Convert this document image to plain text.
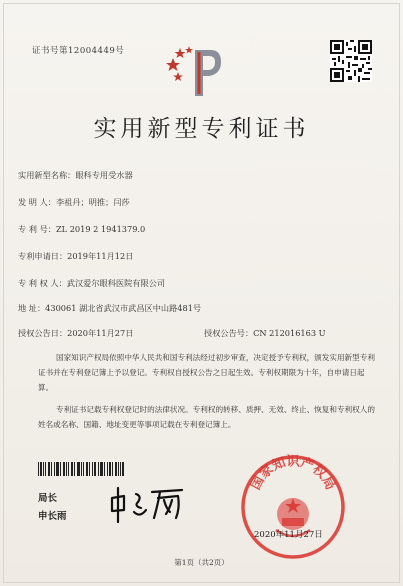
证书号第12004449号
实用新型专利证书
实用新型名称：眼科专用受水器
发 明 人：李祖丹；明推；闫莎
专 利 号：ZL 2019 2 1941379.0
专利申请日：2019年11月12日
专 利 权 人：武汉爱尔眼科医院有限公司
地 址：430061 湖北省武汉市武昌区中山路481号
授权公告日：2020年11月27日	授权公告号：CN 212016163 U
国家知识产权局依照中华人民共和国专利法经过初步审查，决定授予专利权，颁发实用新型专利证书并在专利登记簿上予以登记。专利权自授权公告之日起生效。专利权期限为十年，自申请日起算。
专利证书记载专利权登记时的法律状况。专利权的转移、质押、无效、终止、恢复和专利权人的姓名或名称、国籍、地址变更等事项记载在专利登记簿上。
局长
申长雨
国家知识产权局
2020年11月27日
第1页（共2页）
